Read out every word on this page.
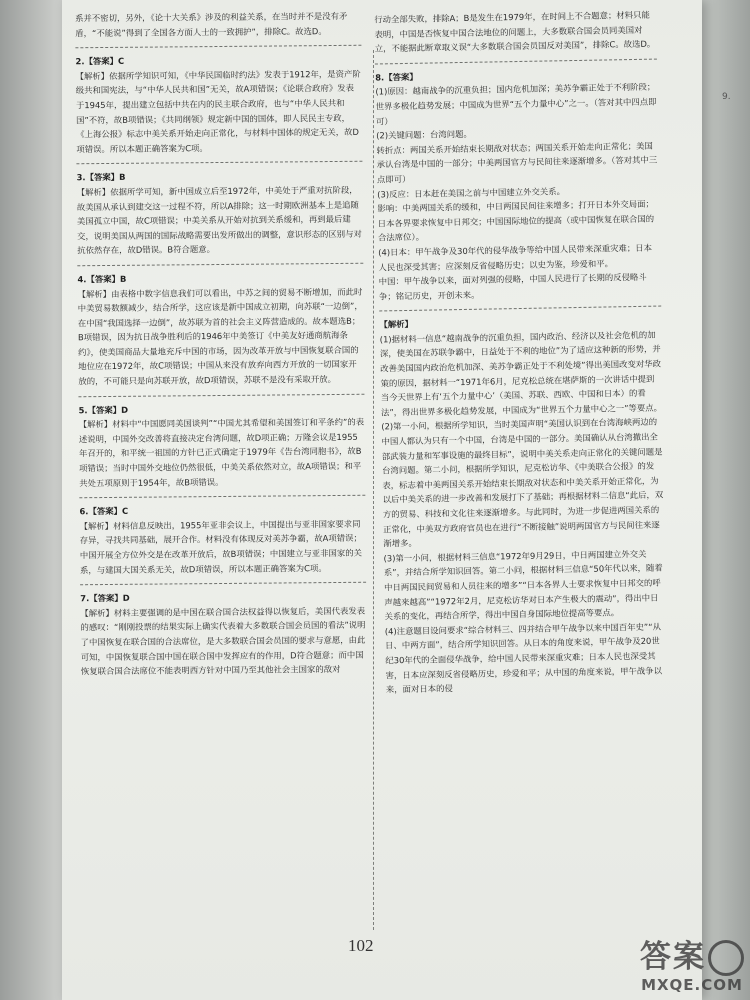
9.

系并不密切，另外，《论十大关系》涉及的利益关系，在当时并不是没有矛盾，“不能说”得到了全国各方面人士的一致拥护”，排除C。故选D。

2.【答案】C

【解析】依据所学知识可知，《中华民国临时约法》发表于1912年，是资产阶级共和国宪法，与“中华人民共和国”无关，故A项错误；《论联合政府》发表于1945年，提出建立包括中共在内的民主联合政府，也与“中华人民共和国”不符，故B项错误；《共同纲领》规定新中国的国体，即人民民主专政，《上海公报》标志中美关系开始走向正常化，与材料中国体的规定无关，故D项错误。所以本题正确答案为C项。

3.【答案】B

【解析】依据所学可知，新中国成立后至1972年，中美处于严重对抗阶段，故美国从承认到建交这一过程不符，所以A排除；这一时期欧洲基本上是追随美国孤立中国，故C项错误；中美关系从开始对抗到关系缓和，再到最后建交，说明美国从两国的国际战略需要出发所做出的调整，意识形态的区别与对抗依然存在，故D错误。B符合题意。

4.【答案】B

【解析】由表格中数字信息我们可以看出，中苏之间的贸易不断增加，而此时中美贸易数额减少，结合所学，这应该是新中国成立初期，向苏联“一边倒”，在中国“我国选择一边倒”，故苏联为首的社会主义阵营造成的。故本题选B；B项错误，因为抗日战争胜利后的1946年中美签订《中美友好通商航海条约》，使美国商品大量地充斥中国的市场，因为改革开放与中国恢复联合国的地位应在1972年，故C项错误；中国从来没有放弃向西方开放的一切国家开放的，不可能只是向苏联开放，故D项错误，苏联不是没有采取开放。

5.【答案】D

【解析】材料中“中国愿同美国谈判”“中国尤其希望和美国签订和平条约”的表述说明，中国外交改善将直接决定台湾问题，故D项正确；万隆会议是1955年召开的，和平统一祖国的方针已正式确定于1979年《告台湾同胞书》，故B项错误；当时中国外交地位仍然很低，中美关系依然对立，故A项错误；和平共处五项原则于1954年，故B项错误。

6.【答案】C

【解析】材料信息反映出，1955年亚非会议上，中国提出与亚非国家要求同存异，寻找共同基础，展开合作。材料没有体现反对美苏争霸，故A项错误；中国开展全方位外交是在改革开放后，故B项错误；中国建立与亚非国家的关系，与建国大国关系无关，故D项错误，所以本题正确答案为C项。

7.【答案】D

【解析】材料主要强调的是中国在联合国合法权益得以恢复后，美国代表发表的感叹：“刚刚投票的结果实际上确实代表着大多数联合国会员国的看法”说明了中国恢复在联合国的合法席位，是大多数联合国会员国的要求与意愿，由此可知，中国恢复联合国中国在联合国中发挥应有的作用，D符合题意；而中国恢复联合国合法席位不能表明西方针对中国乃至其他社会主国家的敌对

行动全部失败，排除A；B是发生在1979年，在时间上不合题意；材料只能表明，中国是否恢复中国合法地位的问题上，大多数联合国会员同美国对立，不能据此断章取义误“大多数联合国会员国反对美国”，排除C。故选D。

8.【答案】

(1)原因：越南战争的沉重负担；国内危机加深；美苏争霸正处于不利阶段；世界多极化趋势发展；中国成为世界“五个力量中心”之一。（答对其中四点即可）
(2)关键问题：台湾问题。
转折点：两国关系开始结束长期敌对状态；两国关系开始走向正常化；美国承认台湾是中国的一部分；中美两国官方与民间往来逐渐增多。（答对其中三点即可）
(3)反应：日本赶在美国之前与中国建立外交关系。
影响：中美两国关系的缓和，中日两国民间往来增多；打开日本外交局面；日本各界要求恢复中日邦交；中国国际地位的提高（或中国恢复在联合国的合法席位）。
(4)日本：甲午战争及30年代的侵华战争等给中国人民带来深重灾难；日本人民也深受其害；应深刻反省侵略历史；以史为鉴，珍爱和平。
中国：甲午战争以来，面对列强的侵略，中国人民进行了长期的反侵略斗争；铭记历史，开创未来。

【解析】

(1)据材料一信息“越南战争的沉重负担，国内政治、经济以及社会危机的加深，使美国在苏联争霸中，日益处于不利的地位”为了适应这种新的形势，并改善美国国内政治危机加深、美苏争霸正处于不利处境”得出美国改变对华政策的原因，据材料一“1971年6月，尼克松总统在堪萨斯的一次讲话中提到当今天世界上有‘五个力量中心’（美国、苏联、西欧、中国和日本）的看法”，得出世界多极化趋势发展，中国成为“世界五个力量中心之一”等要点。
(2)第一小问，根据所学知识，当时美国声明“美国认识到在台湾海峡两边的中国人都认为只有一个中国，台湾是中国的一部分。美国确认从台湾撤出全部武装力量和军事设施的最终目标”，说明中美关系走向正常化的关键问题是台湾问题。第二小问，根据所学知识，尼克松访华、《中美联合公报》的发表，标志着中美两国关系开始结束长期敌对状态和中美关系开始正常化，为以后中美关系的进一步改善和发展打下了基础；再根据材料二信息“此后，双方的贸易、科技和文化往来逐渐增多。与此同时，为进一步促进两国关系的正常化，中美双方政府官员也在进行“不断接触”说明两国官方与民间往来逐渐增多。
(3)第一小问，根据材料三信息“1972年9月29日，中日两国建立外交关系”，并结合所学知识回答。第二小问，根据材料三信息“50年代以来，随着中日两国民间贸易和人员往来的增多”“日本各界人士要求恢复中日邦交的呼声越来越高”“1972年2月，尼克松访华对日本产生极大的震动”，得出中日关系的变化，再结合所学，得出中国自身国际地位提高等要点。
(4)注意题目设问要求“综合材料三、四并结合甲午战争以来中国百年史”“从日、中两方面”，结合所学知识回答。从日本的角度来说，甲午战争及20世纪30年代的全面侵华战争，给中国人民带来深重灾难；日本人民也深受其害，日本应深刻反省侵略历史，珍爱和平；从中国的角度来说，甲午战争以来，面对日本的侵

102	答案
MXQE.COM
